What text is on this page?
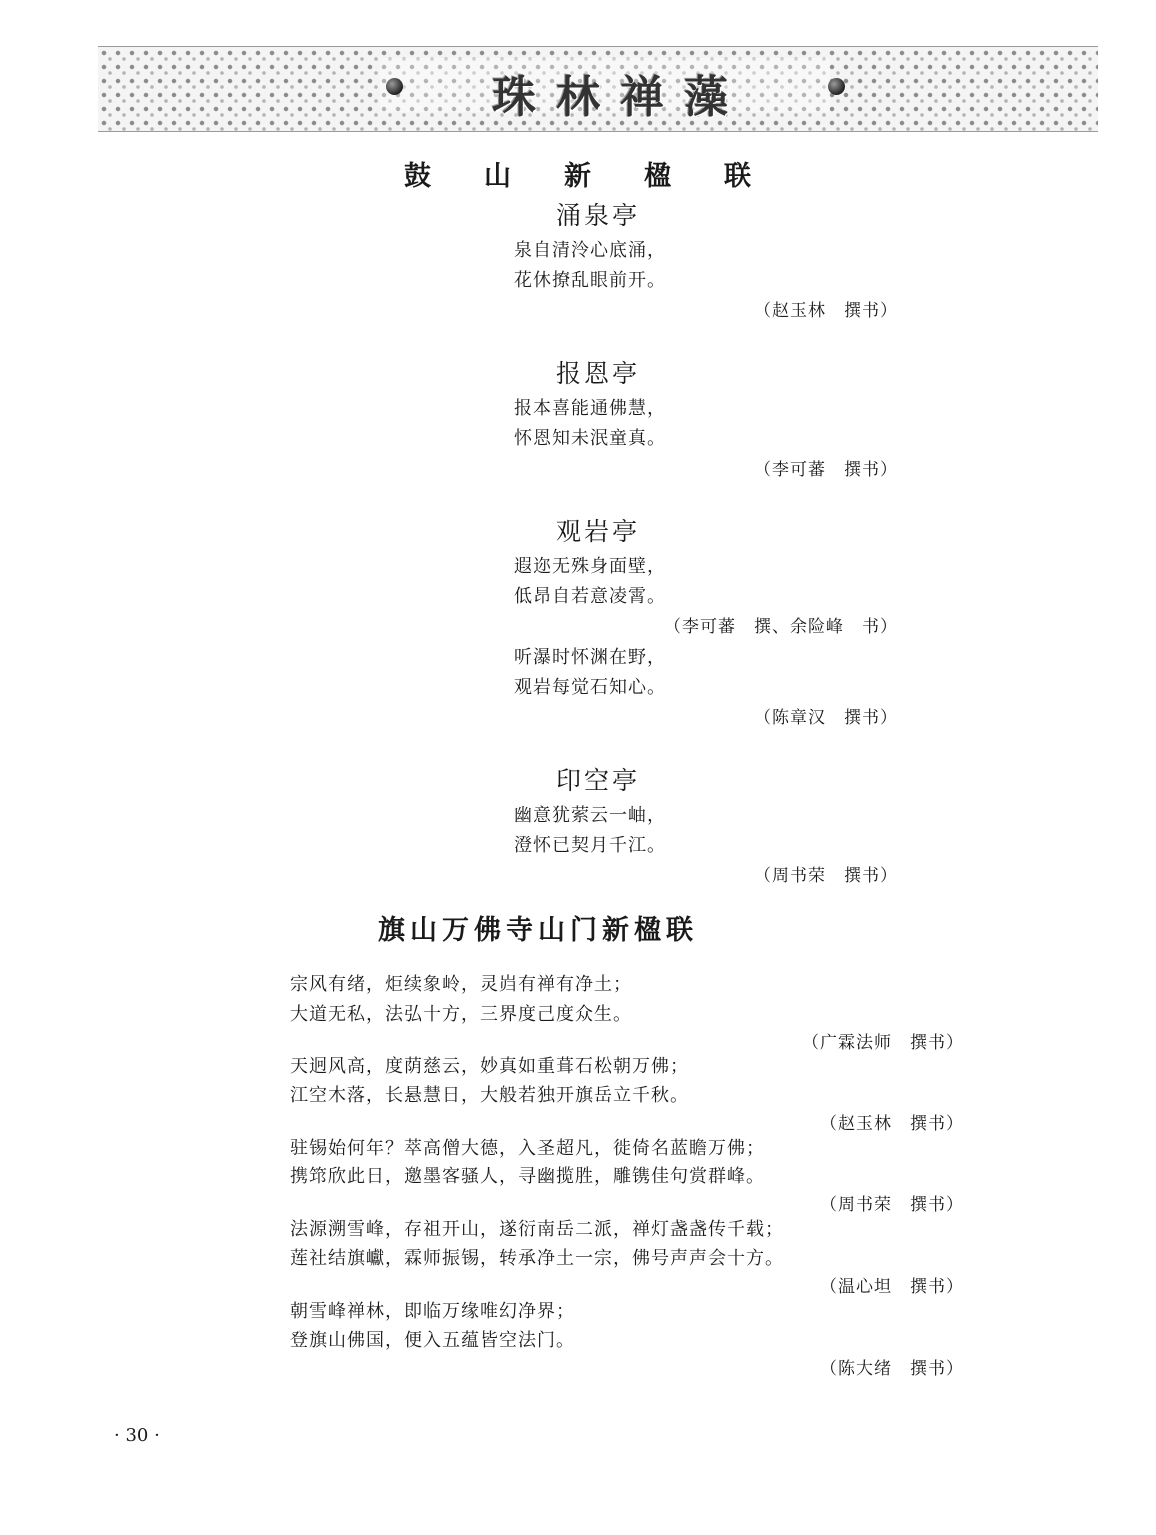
珠林禅藻
鼓山新楹联
涌泉亭
泉自清泠心底涌，
花休撩乱眼前开。
（赵玉林　撰书）
报恩亭
报本喜能通佛慧，
怀恩知未泯童真。
（李可蕃　撰书）
观岩亭
遐迩无殊身面壁，
低昂自若意凌霄。
（李可蕃　撰、余险峰　书）
听瀑时怀渊在野，
观岩每觉石知心。
（陈章汉　撰书）
印空亭
幽意犹萦云一岫，
澄怀已契月千江。
（周书荣　撰书）
旗山万佛寺山门新楹联
宗风有绪，炬续象岭，灵岿有禅有净土；
大道无私，法弘十方，三界度己度众生。
（广霖法师　撰书）
天迥风高，度荫慈云，妙真如重葺石松朝万佛；
江空木落，长悬慧日，大般若独开旗岳立千秋。
（赵玉林　撰书）
驻锡始何年？萃高僧大德，入圣超凡，徙倚名蓝瞻万佛；
携筇欣此日，邀墨客骚人，寻幽揽胜，雕镌佳句赏群峰。
（周书荣　撰书）
法源溯雪峰，存祖开山，遂衍南岳二派，禅灯盏盏传千载；
莲社结旗巘，霖师振锡，转承净土一宗，佛号声声会十方。
（温心坦　撰书）
朝雪峰禅林，即临万缘唯幻净界；
登旗山佛国，便入五蕴皆空法门。
（陈大绪　撰书）
· 30 ·
